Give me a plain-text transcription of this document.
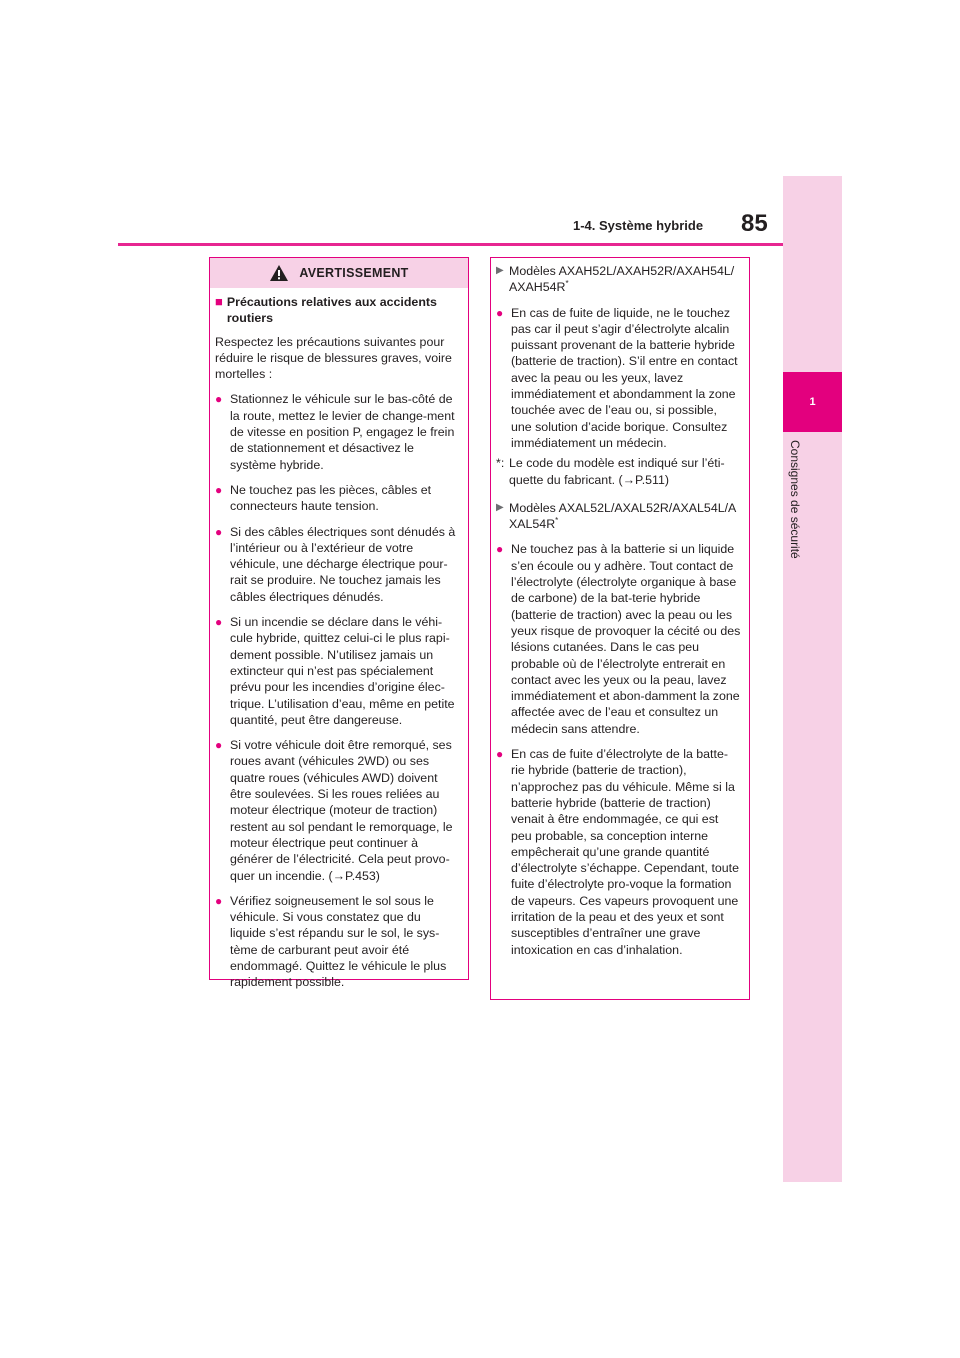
1-4. Système hybride 85
1
Consignes de sécurité
AVERTISSEMENT
■ Précautions relatives aux accidents routiers
Respectez les précautions suivantes pour réduire le risque de blessures graves, voire mortelles :
● Stationnez le véhicule sur le bas-côté de la route, mettez le levier de change-ment de vitesse en position P, engagez le frein de stationnement et désactivez le système hybride.
● Ne touchez pas les pièces, câbles et connecteurs haute tension.
● Si des câbles électriques sont dénudés à l’intérieur ou à l’extérieur de votre véhicule, une décharge électrique pour-rait se produire. Ne touchez jamais les câbles électriques dénudés.
● Si un incendie se déclare dans le véhi-cule hybride, quittez celui-ci le plus rapi-dement possible. N’utilisez jamais un extincteur qui n’est pas spécialement prévu pour les incendies d’origine élec-trique. L’utilisation d’eau, même en petite quantité, peut être dangereuse.
● Si votre véhicule doit être remorqué, ses roues avant (véhicules 2WD) ou ses quatre roues (véhicules AWD) doivent être soulevées. Si les roues reliées au moteur électrique (moteur de traction) restent au sol pendant le remorquage, le moteur électrique peut continuer à générer de l’électricité. Cela peut provo-quer un incendie. (→P.453)
● Vérifiez soigneusement le sol sous le véhicule. Si vous constatez que du liquide s’est répandu sur le sol, le sys-tème de carburant peut avoir été endommagé. Quittez le véhicule le plus rapidement possible.
▶ Modèles AXAH52L/AXAH52R/AXAH54L/AXAH54R*
● En cas de fuite de liquide, ne le touchez pas car il peut s’agir d’électrolyte alcalin puissant provenant de la batterie hybride (batterie de traction). S’il entre en contact avec la peau ou les yeux, lavez immédiatement et abondamment la zone touchée avec de l’eau ou, si possible, une solution d’acide borique. Consultez immédiatement un médecin.
*: Le code du modèle est indiqué sur l’éti-quette du fabricant. (→P.511)
▶ Modèles AXAL52L/AXAL52R/AXAL54L/AXAL54R*
● Ne touchez pas à la batterie si un liquide s’en écoule ou y adhère. Tout contact de l’électrolyte (électrolyte organique à base de carbone) de la bat-terie hybride (batterie de traction) avec la peau ou les yeux risque de provoquer la cécité ou des lésions cutanées. Dans le cas peu probable où de l’électrolyte entrerait en contact avec les yeux ou la peau, lavez immédiatement et abon-damment la zone affectée avec de l’eau et consultez un médecin sans attendre.
● En cas de fuite d’électrolyte de la batte-rie hybride (batterie de traction), n’approchez pas du véhicule. Même si la batterie hybride (batterie de traction) venait à être endommagée, ce qui est peu probable, sa conception interne empêcherait qu’une grande quantité d’électrolyte s’échappe. Cependant, toute fuite d’électrolyte pro-voque la formation de vapeurs. Ces vapeurs provoquent une irritation de la peau et des yeux et sont susceptibles d’entraîner une grave intoxication en cas d’inhalation.
